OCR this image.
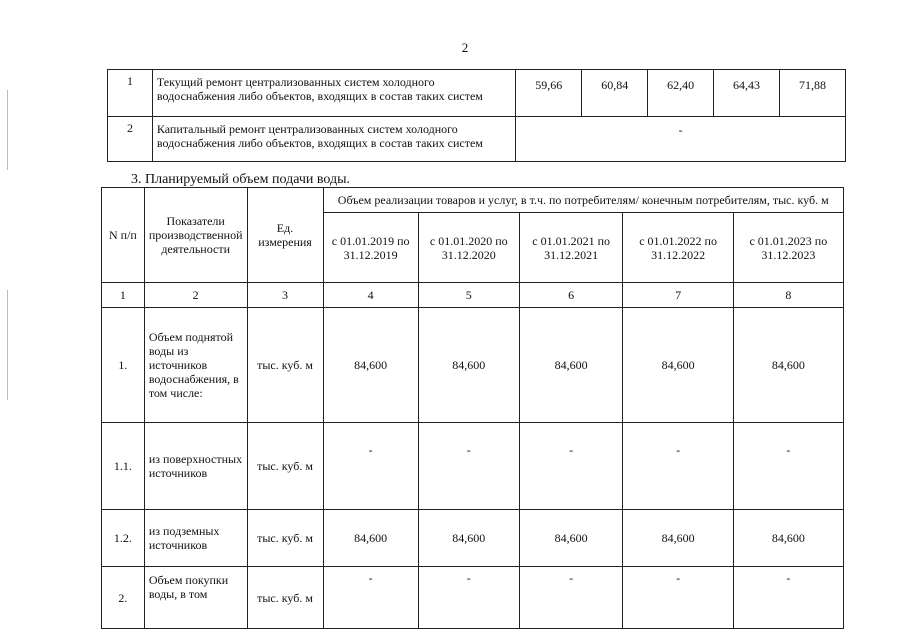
2
1	Текущий ремонт централизованных систем холодного водоснабжения либо объектов, входящих в состав таких систем	59,66	60,84	62,40	64,43	71,88
2	Капитальный ремонт централизованных систем холодного водоснабжения либо объектов, входящих в состав таких систем	-				
3. Планируемый объем подачи воды.
N п/п	Показатели производственной деятельности	Ед. измерения	Объем реализации товаров и услуг, в т.ч. по потребителям/ конечным потребителям, тыс. куб. м				
			с 01.01.2019 по 31.12.2019	с 01.01.2020 по 31.12.2020	с 01.01.2021 по 31.12.2021	с 01.01.2022 по 31.12.2022	с 01.01.2023 по 31.12.2023
1	2	3	4	5	6	7	8
1.	Объем поднятой воды из источников водоснабжения, в том числе:	тыс. куб. м	84,600	84,600	84,600	84,600	84,600
1.1.	из поверхностных источников	тыс. куб. м	-	-	-	-	-
1.2.	из подземных источников	тыс. куб. м	84,600	84,600	84,600	84,600	84,600
2.	Объем покупки воды, в том	тыс. куб. м	-	-	-	-	-
